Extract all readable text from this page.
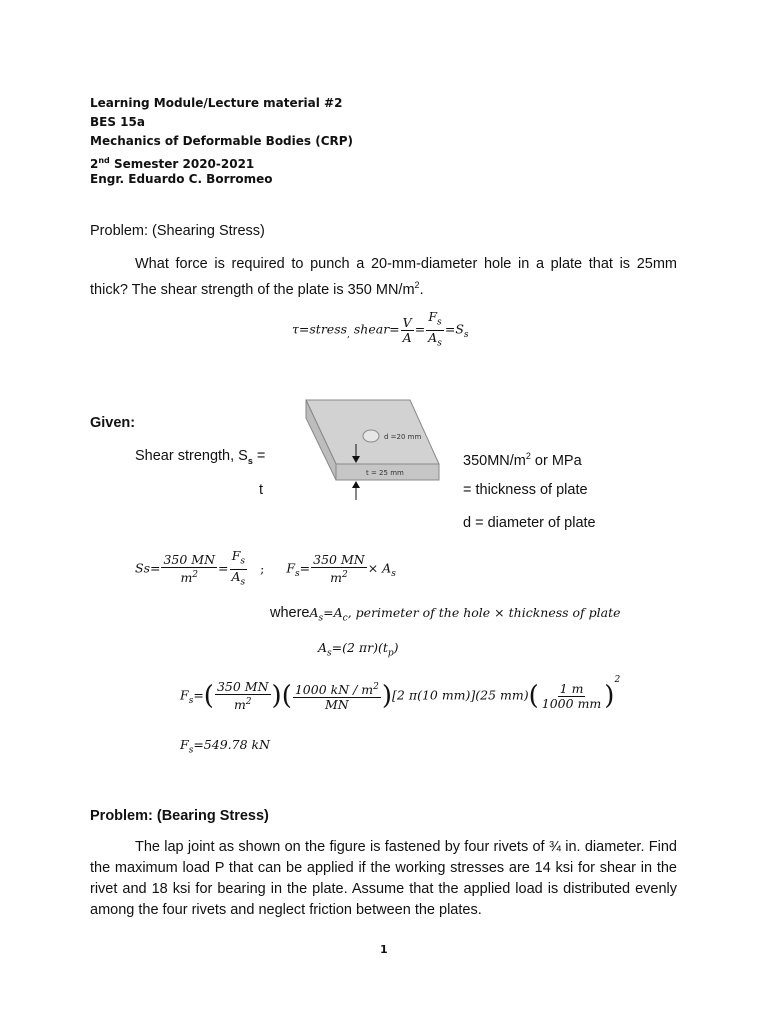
Learning Module/Lecture material #2
BES 15a
Mechanics of Deformable Bodies (CRP)
2nd Semester 2020-2021
Engr. Eduardo C. Borromeo
Problem: (Shearing Stress)
What force is required to punch a 20-mm-diameter hole in a plate that is 25mm thick? The shear strength of the plate is 350 $MN/m^2$.
τ=stress$_,$ shear= $\frac{V}{A} = \frac{F_s}{A_s} =S_s$
Given:
Shear strength, $S_s$ =	$350MN/m^2$ or MPa
t	= thickness of plate
d = diameter of plate
d =20 mm
t = 25 mm
$Ss= \frac{350 MN}{m^2} = \frac{F_s}{A_s}$ ; $F_s= \frac{350 MN}{m^2} \times A_s$
$whereA_s=A_c$, perimeter of the hole × thickness of plate
$A_s=(2$ $\pi r)(t_p)$
$F_s=( \frac{350 MN}{m^2}$ )( $\frac{1000 kN / m^2}{MN} )[2$ π(10 mm)](25 $mm)( \frac{1 m}{1000 mm} )^2$
$F_s=549.78$ kN
Problem: (Bearing Stress)
The lap joint as shown on the figure is fastened by four rivets of ¾ in. diameter. Find the maximum load P that can be applied if the working stresses are 14 ksi for shear in the rivet and 18 ksi for bearing in the plate. Assume that the applied load is distributed evenly among the four rivets and neglect friction between the plates.
1
